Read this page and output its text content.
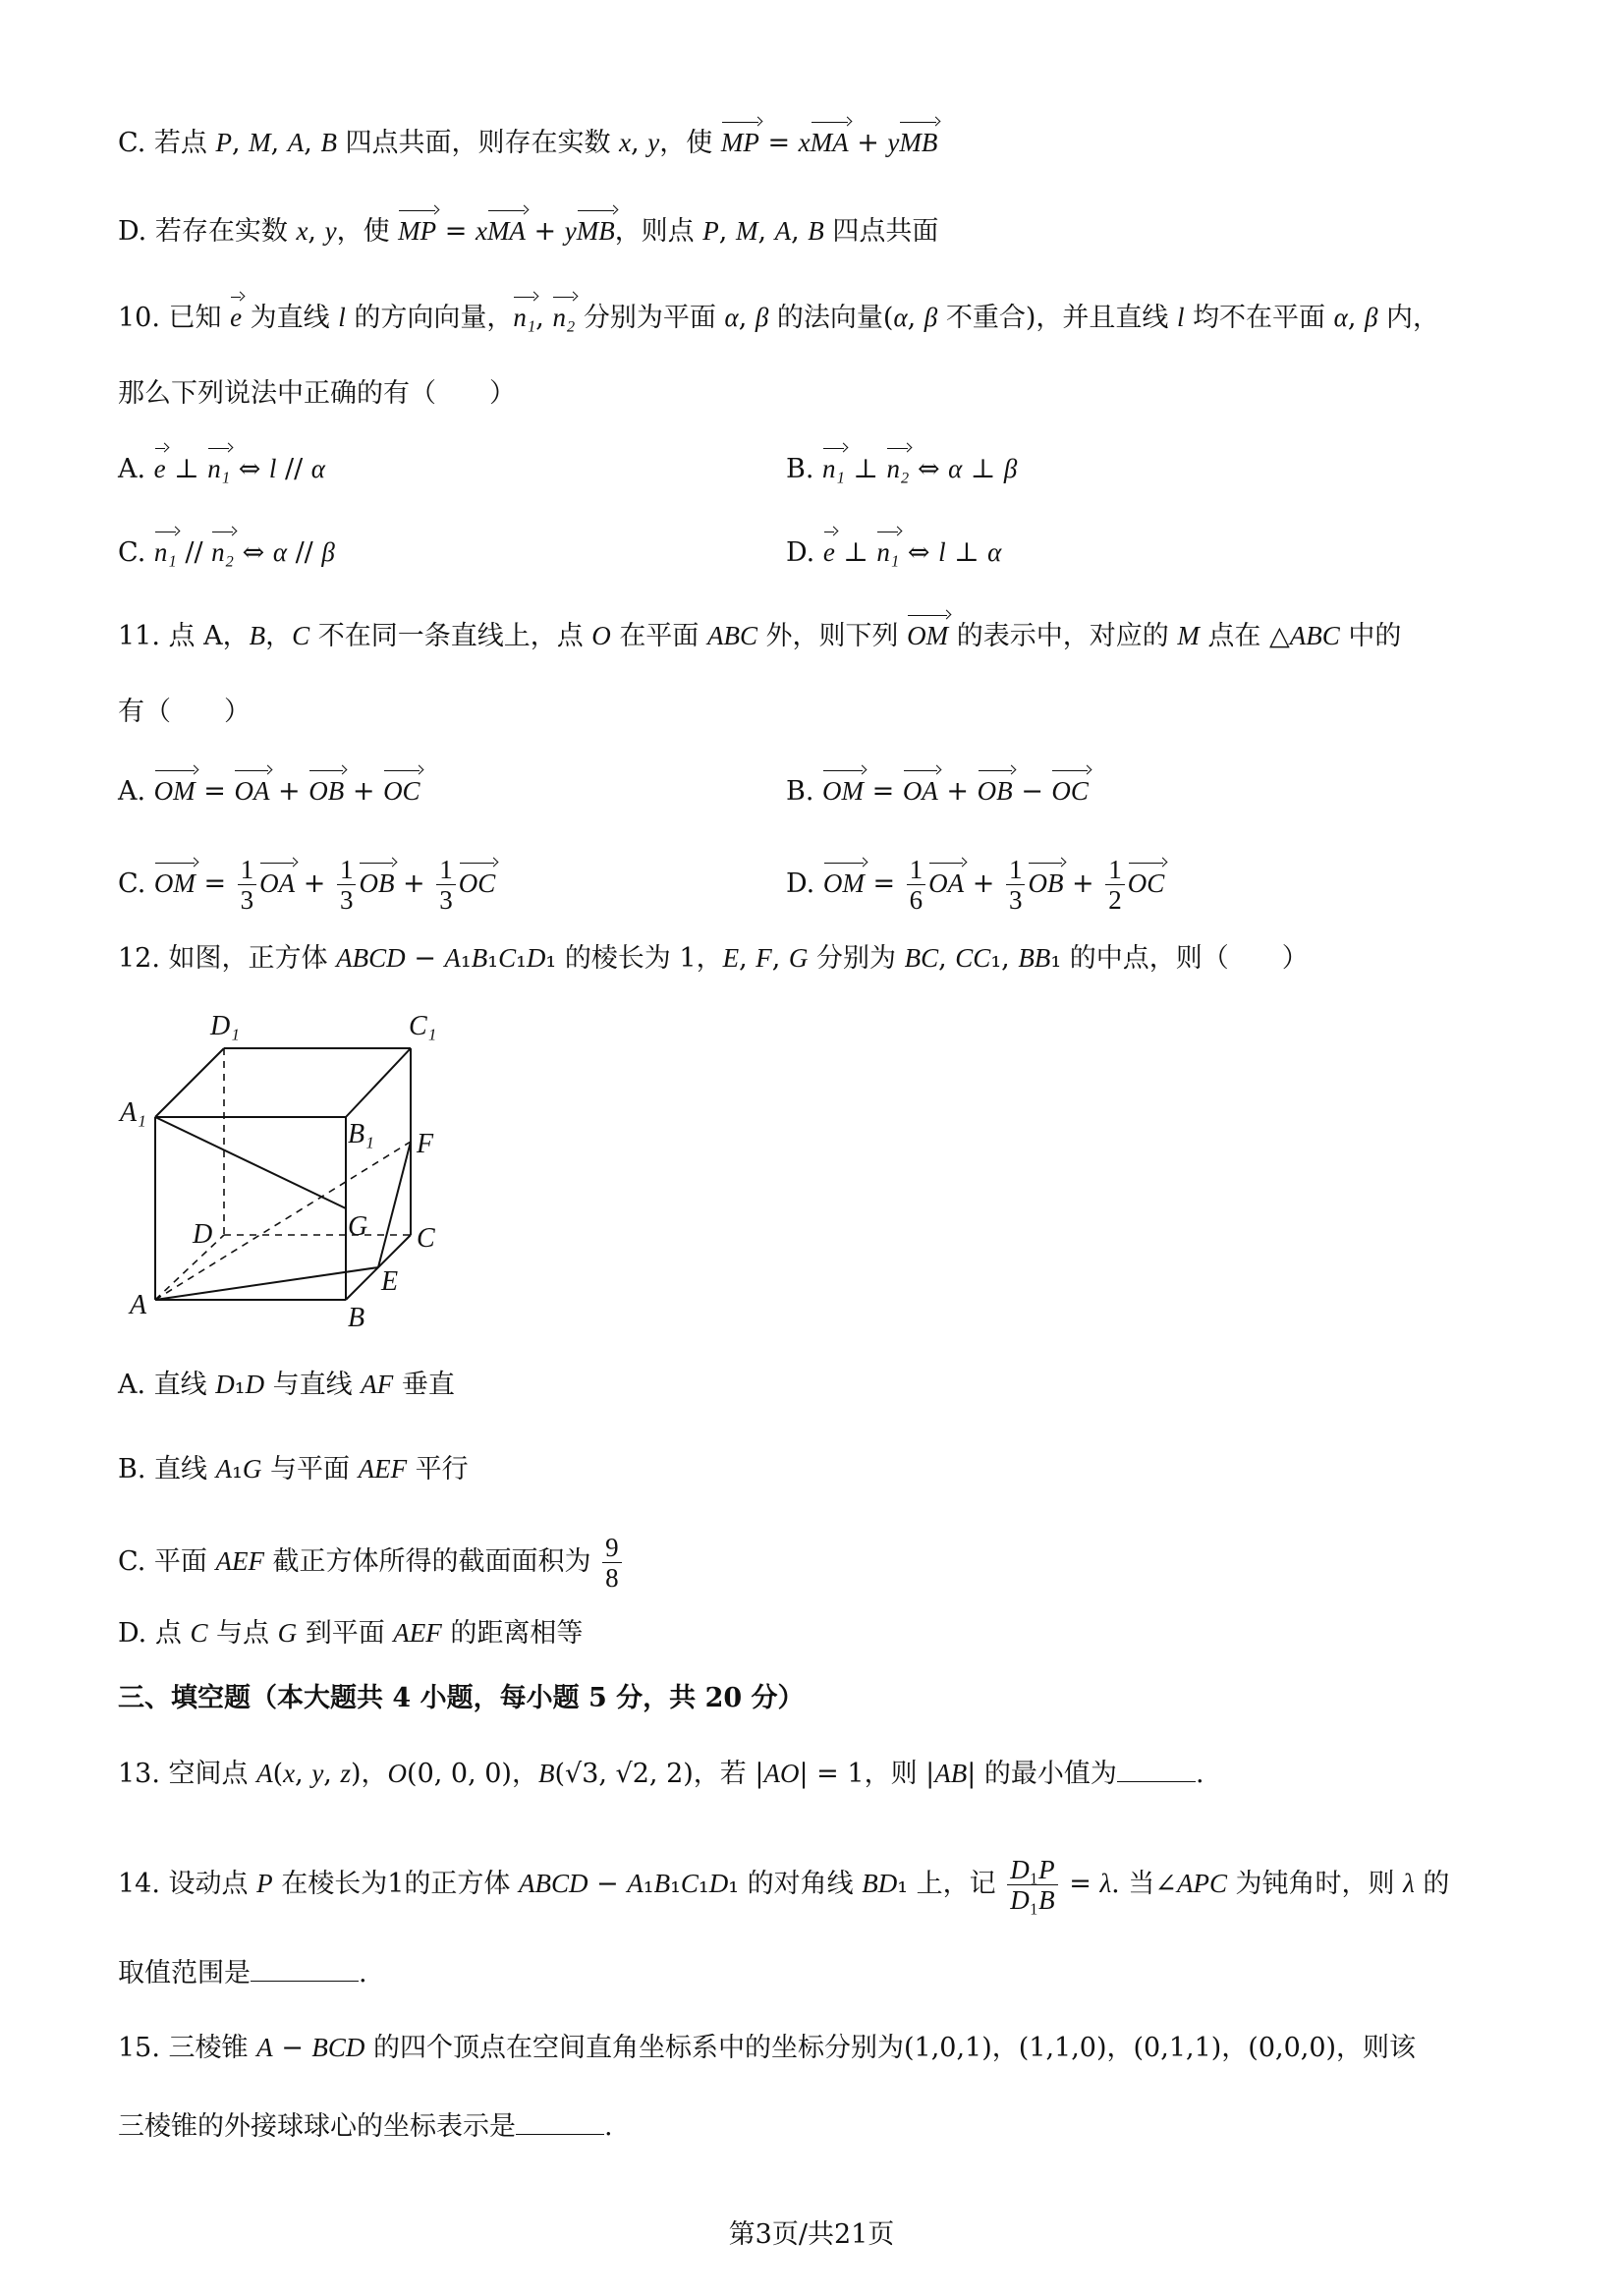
C. 若点 P, M, A, B 四点共面，则存在实数 x, y，使 MP = xMA + yMB
D. 若存在实数 x, y，使 MP = xMA + yMB，则点 P, M, A, B 四点共面
10. 已知 e 为直线 l 的方向向量，n₁, n₂ 分别为平面 α, β 的法向量(α, β 不重合)，并且直线 l 均不在平面 α, β 内，
那么下列说法中正确的有（　　）
A. e ⊥ n₁ ⇔ l // α	B. n₁ ⊥ n₂ ⇔ α ⊥ β
C. n₁ // n₂ ⇔ α // β	D. e ⊥ n₁ ⇔ l ⊥ α
11. 点 A，B，C 不在同一条直线上，点 O 在平面 ABC 外，则下列 OM 的表示中，对应的 M 点在 △ABC 中的
有（　　）
A. OM = OA + OB + OC	B. OM = OA + OB − OC
C. OM = $\frac{1}{3}$ OA + $\frac{1}{3}$ OB + $\frac{1}{3}$ OC	D. OM = $\frac{1}{6}$ OA + $\frac{1}{3}$ OB + $\frac{1}{2}$ OC
12. 如图，正方体 ABCD − A₁B₁C₁D₁ 的棱长为 1，E, F, G 分别为 BC, CC₁, BB₁ 的中点，则（　　）
D₁	C₁
A₁
B₁ F
G
D	C
E
A	B
A. 直线 D₁D 与直线 AF 垂直
B. 直线 A₁G 与平面 AEF 平行
C. 平面 AEF 截正方体所得的截面面积为 $\frac{9}{8}$
D. 点 C 与点 G 到平面 AEF 的距离相等
三、填空题（本大题共 4 小题，每小题 5 分，共 20 分）
13. 空间点 A(x, y, z)，O(0, 0, 0)，B(√3, √2, 2)，若 |AO| = 1，则 |AB| 的最小值为	.
14. 设动点 P 在棱长为1的正方体 ABCD − A₁B₁C₁D₁ 的对角线 BD₁ 上，记 $\frac{\text{D₁P}}{\text{D₁B}} = \lambda$. 当∠APC 为钝角时，则 λ 的
取值范围是	.
15. 三棱锥 A − BCD 的四个顶点在空间直角坐标系中的坐标分别为(1,0,1)，(1,1,0)，(0,1,1)，(0,0,0)，则该
三棱锥的外接球球心的坐标表示是	.
第3页/共21页
